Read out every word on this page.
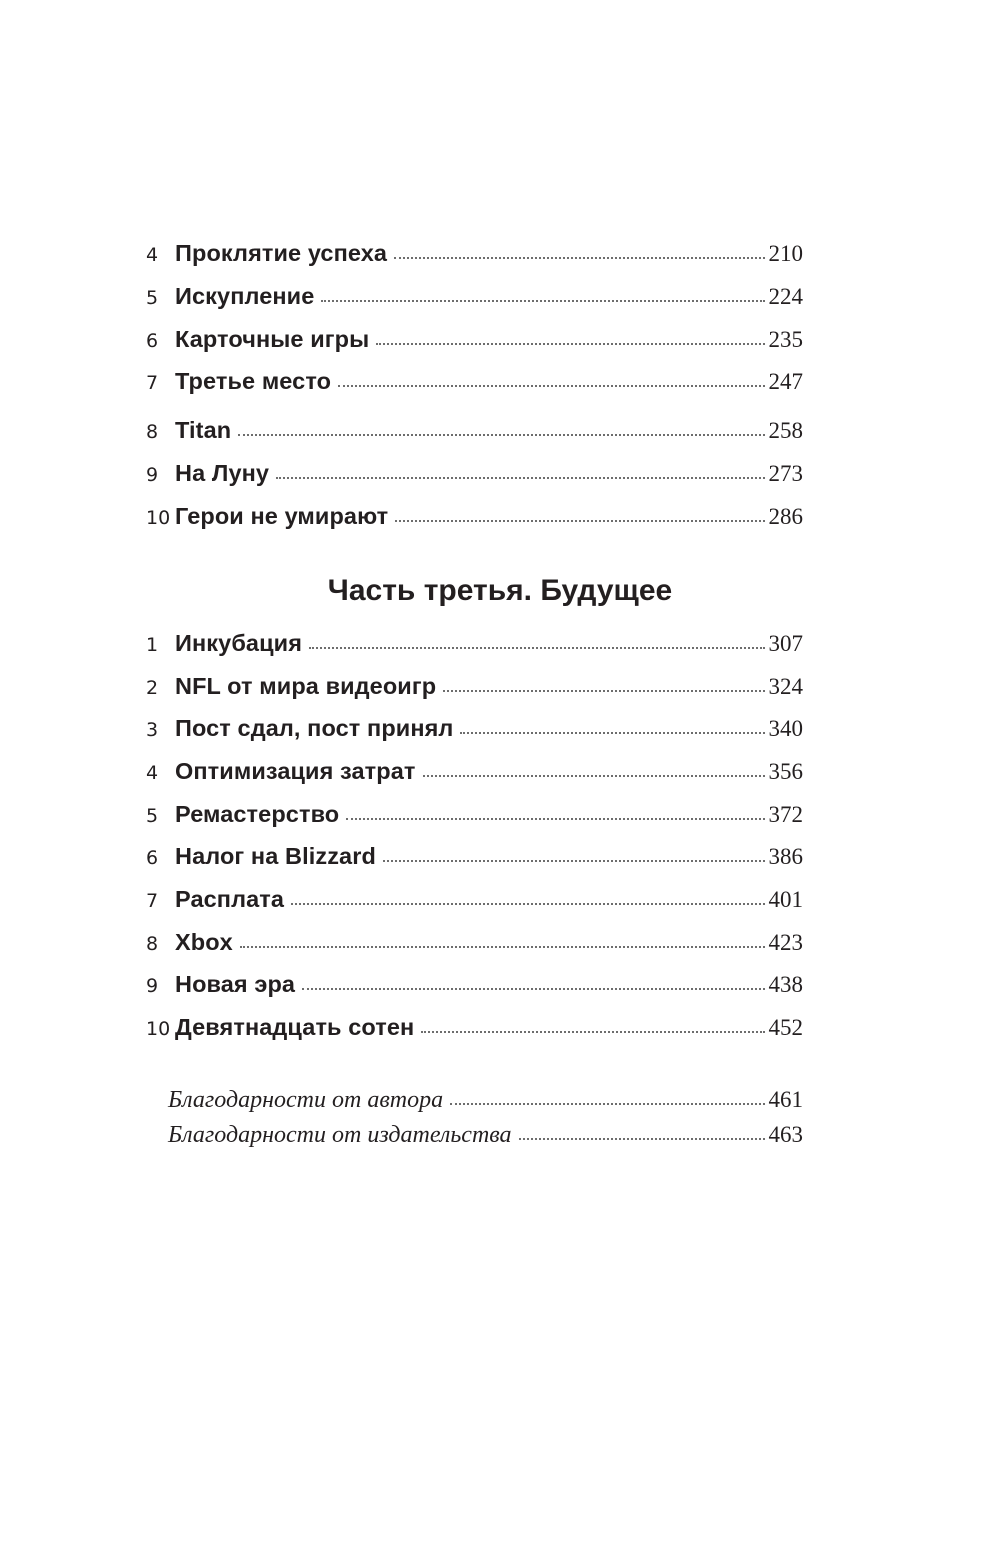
4 Проклятие успеха	210
5 Искупление	224
6 Карточные игры	235
7 Третье место	247
8 Titan	258
9 На Луну	273
10 Герои не умирают	286
Часть третья. Будущее
1 Инкубация	307
2 NFL от мира видеоигр	324
3 Пост сдал, пост принял	340
4 Оптимизация затрат	356
5 Ремастерство	372
6 Налог на Blizzard	386
7 Расплата	401
8 Xbox	423
9 Новая эра	438
10 Девятнадцать сотен	452
Благодарности от автора	461
Благодарности от издательства	463
